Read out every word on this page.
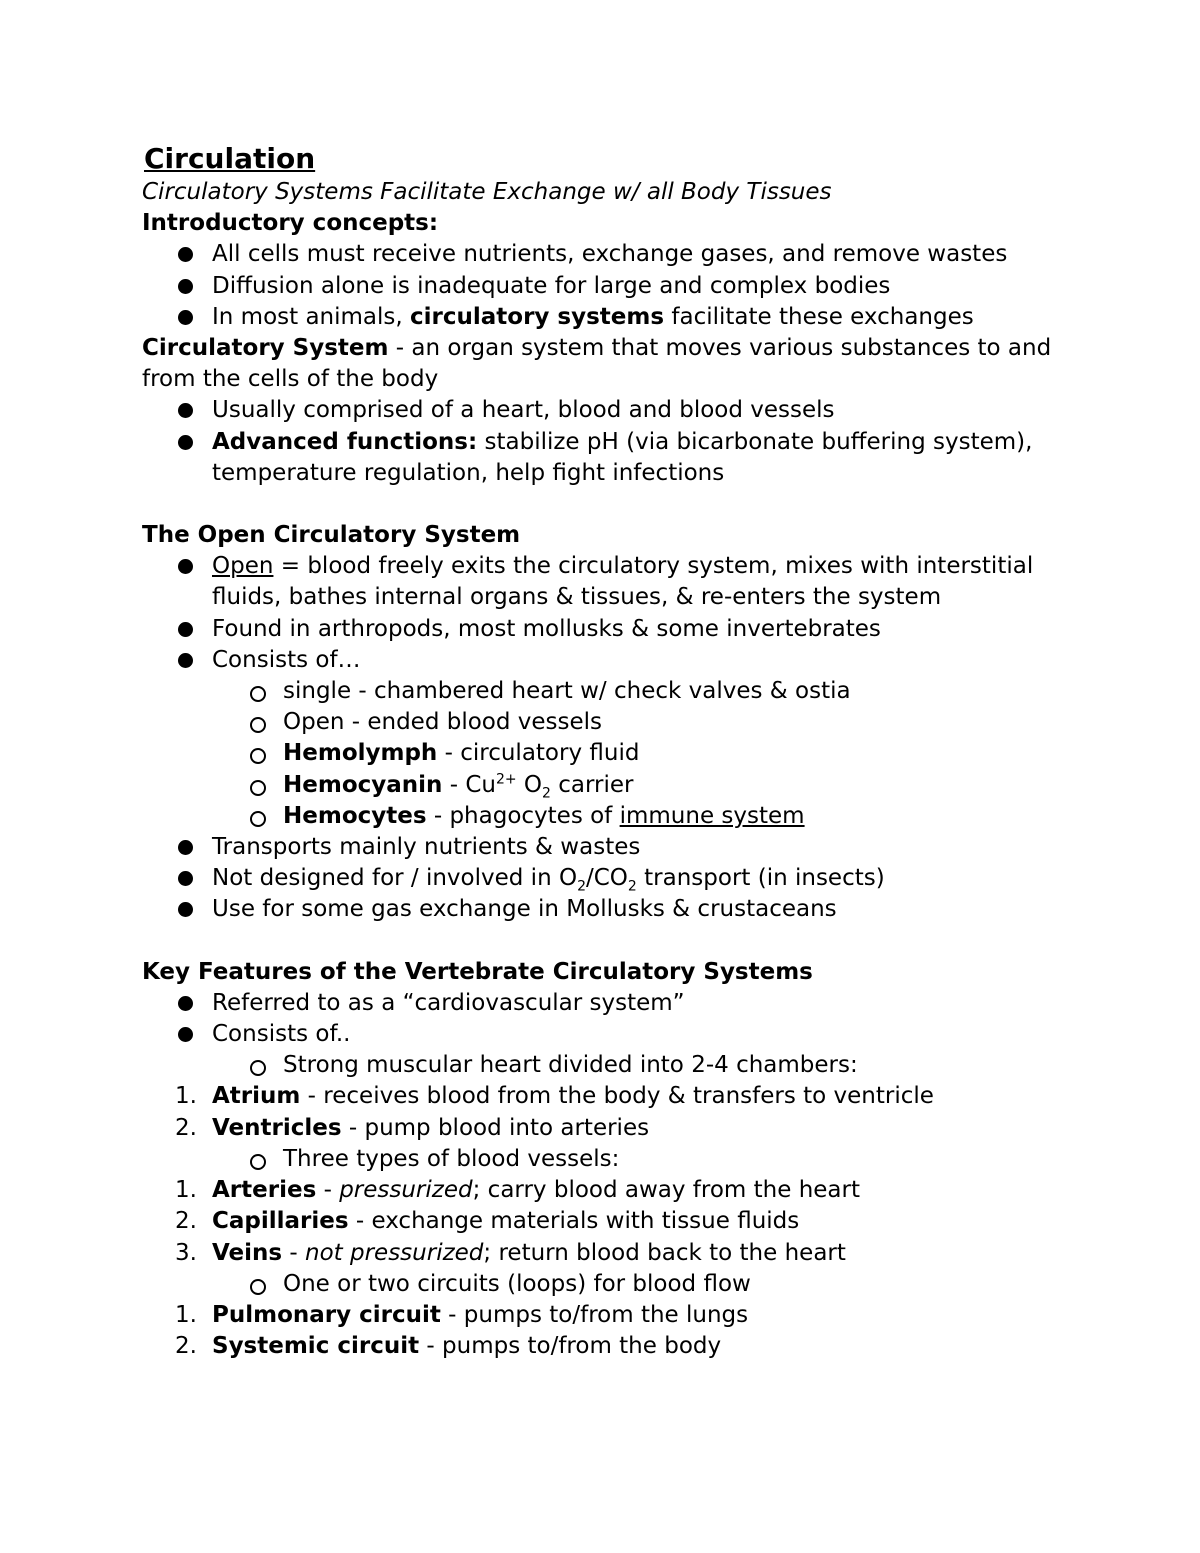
Circulation
Circulatory Systems Facilitate Exchange w/ all Body Tissues
Introductory concepts:
All cells must receive nutrients, exchange gases, and remove wastes
Diffusion alone is inadequate for large and complex bodies
In most animals, circulatory systems facilitate these exchanges
Circulatory System - an organ system that moves various substances to and from the cells of the body
Usually comprised of a heart, blood and blood vessels
Advanced functions: stabilize pH (via bicarbonate buffering system), temperature regulation, help fight infections
The Open Circulatory System
Open = blood freely exits the circulatory system, mixes with interstitial fluids, bathes internal organs & tissues, & re-enters the system
Found in arthropods, most mollusks & some invertebrates
Consists of…
single - chambered heart w/ check valves & ostia
Open - ended blood vessels
Hemolymph - circulatory fluid
Hemocyanin - $Cu^{2+}$ $O_2$ carrier
Hemocytes - phagocytes of immune system
Transports mainly nutrients & wastes
Not designed for / involved in $O_2/CO_2$ transport (in insects)
Use for some gas exchange in Mollusks & crustaceans
Key Features of the Vertebrate Circulatory Systems
Referred to as a “cardiovascular system”
Consists of..
Strong muscular heart divided into 2-4 chambers:
1. Atrium - receives blood from the body & transfers to ventricle
2. Ventricles - pump blood into arteries
Three types of blood vessels:
1. Arteries - pressurized; carry blood away from the heart
2. Capillaries - exchange materials with tissue fluids
3. Veins - not pressurized; return blood back to the heart
One or two circuits (loops) for blood flow
1. Pulmonary circuit - pumps to/from the lungs
2. Systemic circuit - pumps to/from the body
